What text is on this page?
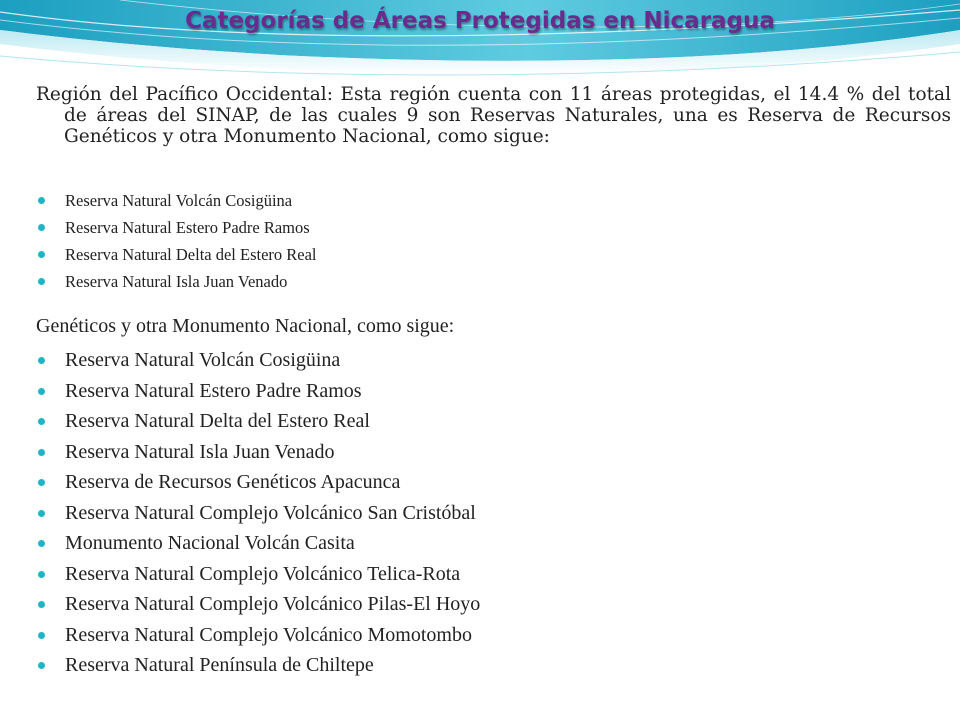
Categorías de Áreas Protegidas en Nicaragua

Región del Pacífico Occidental: Esta región cuenta con 11 áreas protegidas, el 14.4 % del total de áreas del SINAP, de las cuales 9 son Reservas Naturales, una es Reserva de Recursos Genéticos y otra Monumento Nacional, como sigue:

Reserva Natural Volcán Cosigüina
Reserva Natural Estero Padre Ramos
Reserva Natural Delta del Estero Real
Reserva Natural Isla Juan Venado

Genéticos y otra Monumento Nacional, como sigue:

Reserva Natural Volcán Cosigüina
Reserva Natural Estero Padre Ramos
Reserva Natural Delta del Estero Real
Reserva Natural Isla Juan Venado
Reserva de Recursos Genéticos Apacunca
Reserva Natural Complejo Volcánico San Cristóbal
Monumento Nacional Volcán Casita
Reserva Natural Complejo Volcánico Telica-Rota
Reserva Natural Complejo Volcánico Pilas-El Hoyo
Reserva Natural Complejo Volcánico Momotombo
Reserva Natural Península de Chiltepe
